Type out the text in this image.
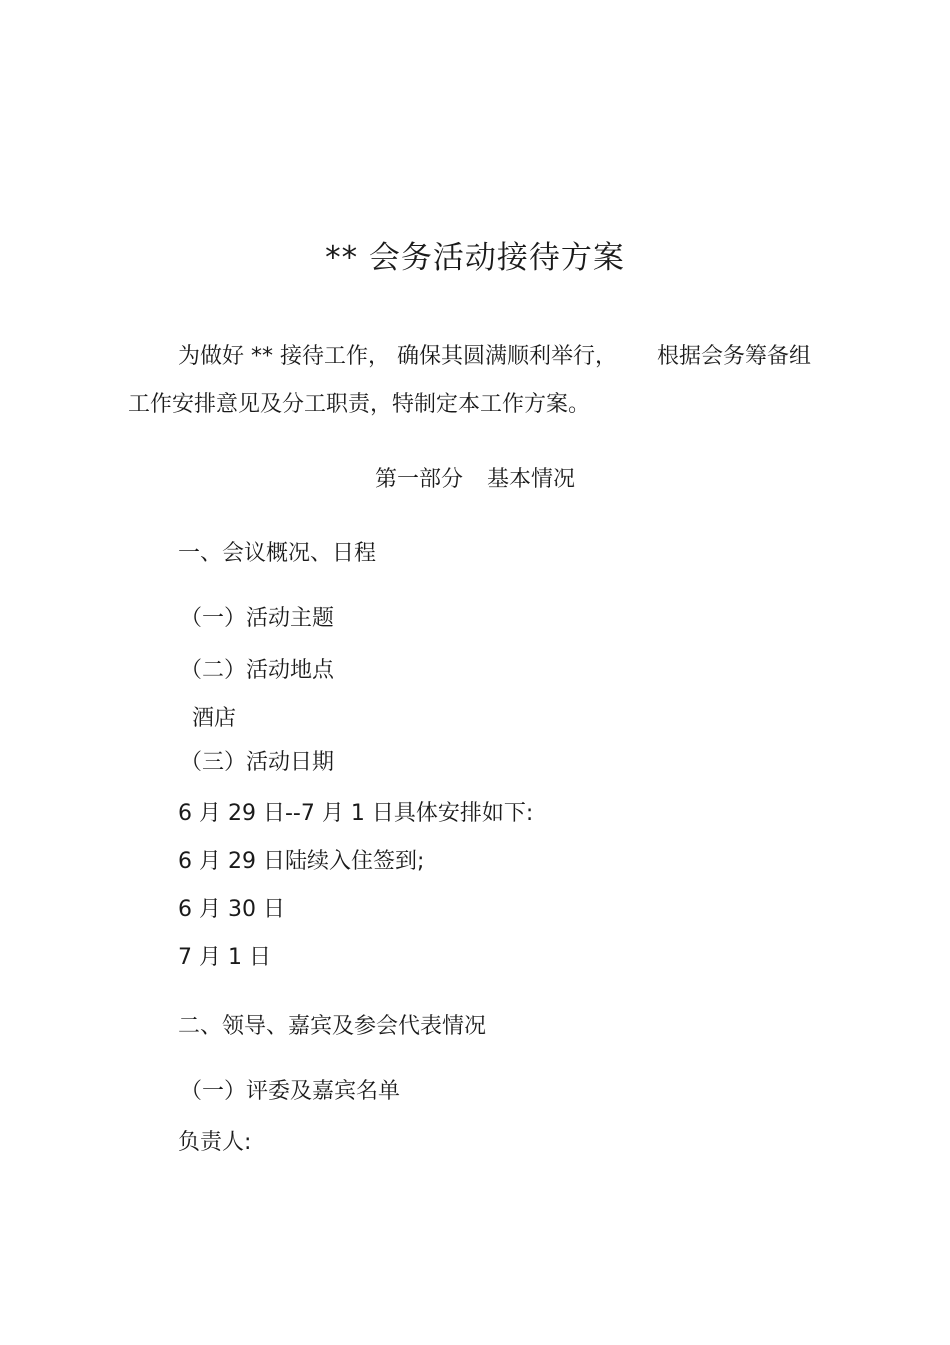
** 会务活动接待方案
为做好 ** 接待工作， 确保其圆满顺利举行， 根据会务筹备组
工作安排意见及分工职责，特制定本工作方案。
第一部分 基本情况
一、会议概况、日程
（一）活动主题
（二）活动地点
酒店
（三）活动日期
6 月 29 日--7 月 1 日具体安排如下:
6 月 29 日陆续入住签到;
6 月 30 日
7 月 1 日
二、领导、嘉宾及参会代表情况
（一）评委及嘉宾名单
负责人:
